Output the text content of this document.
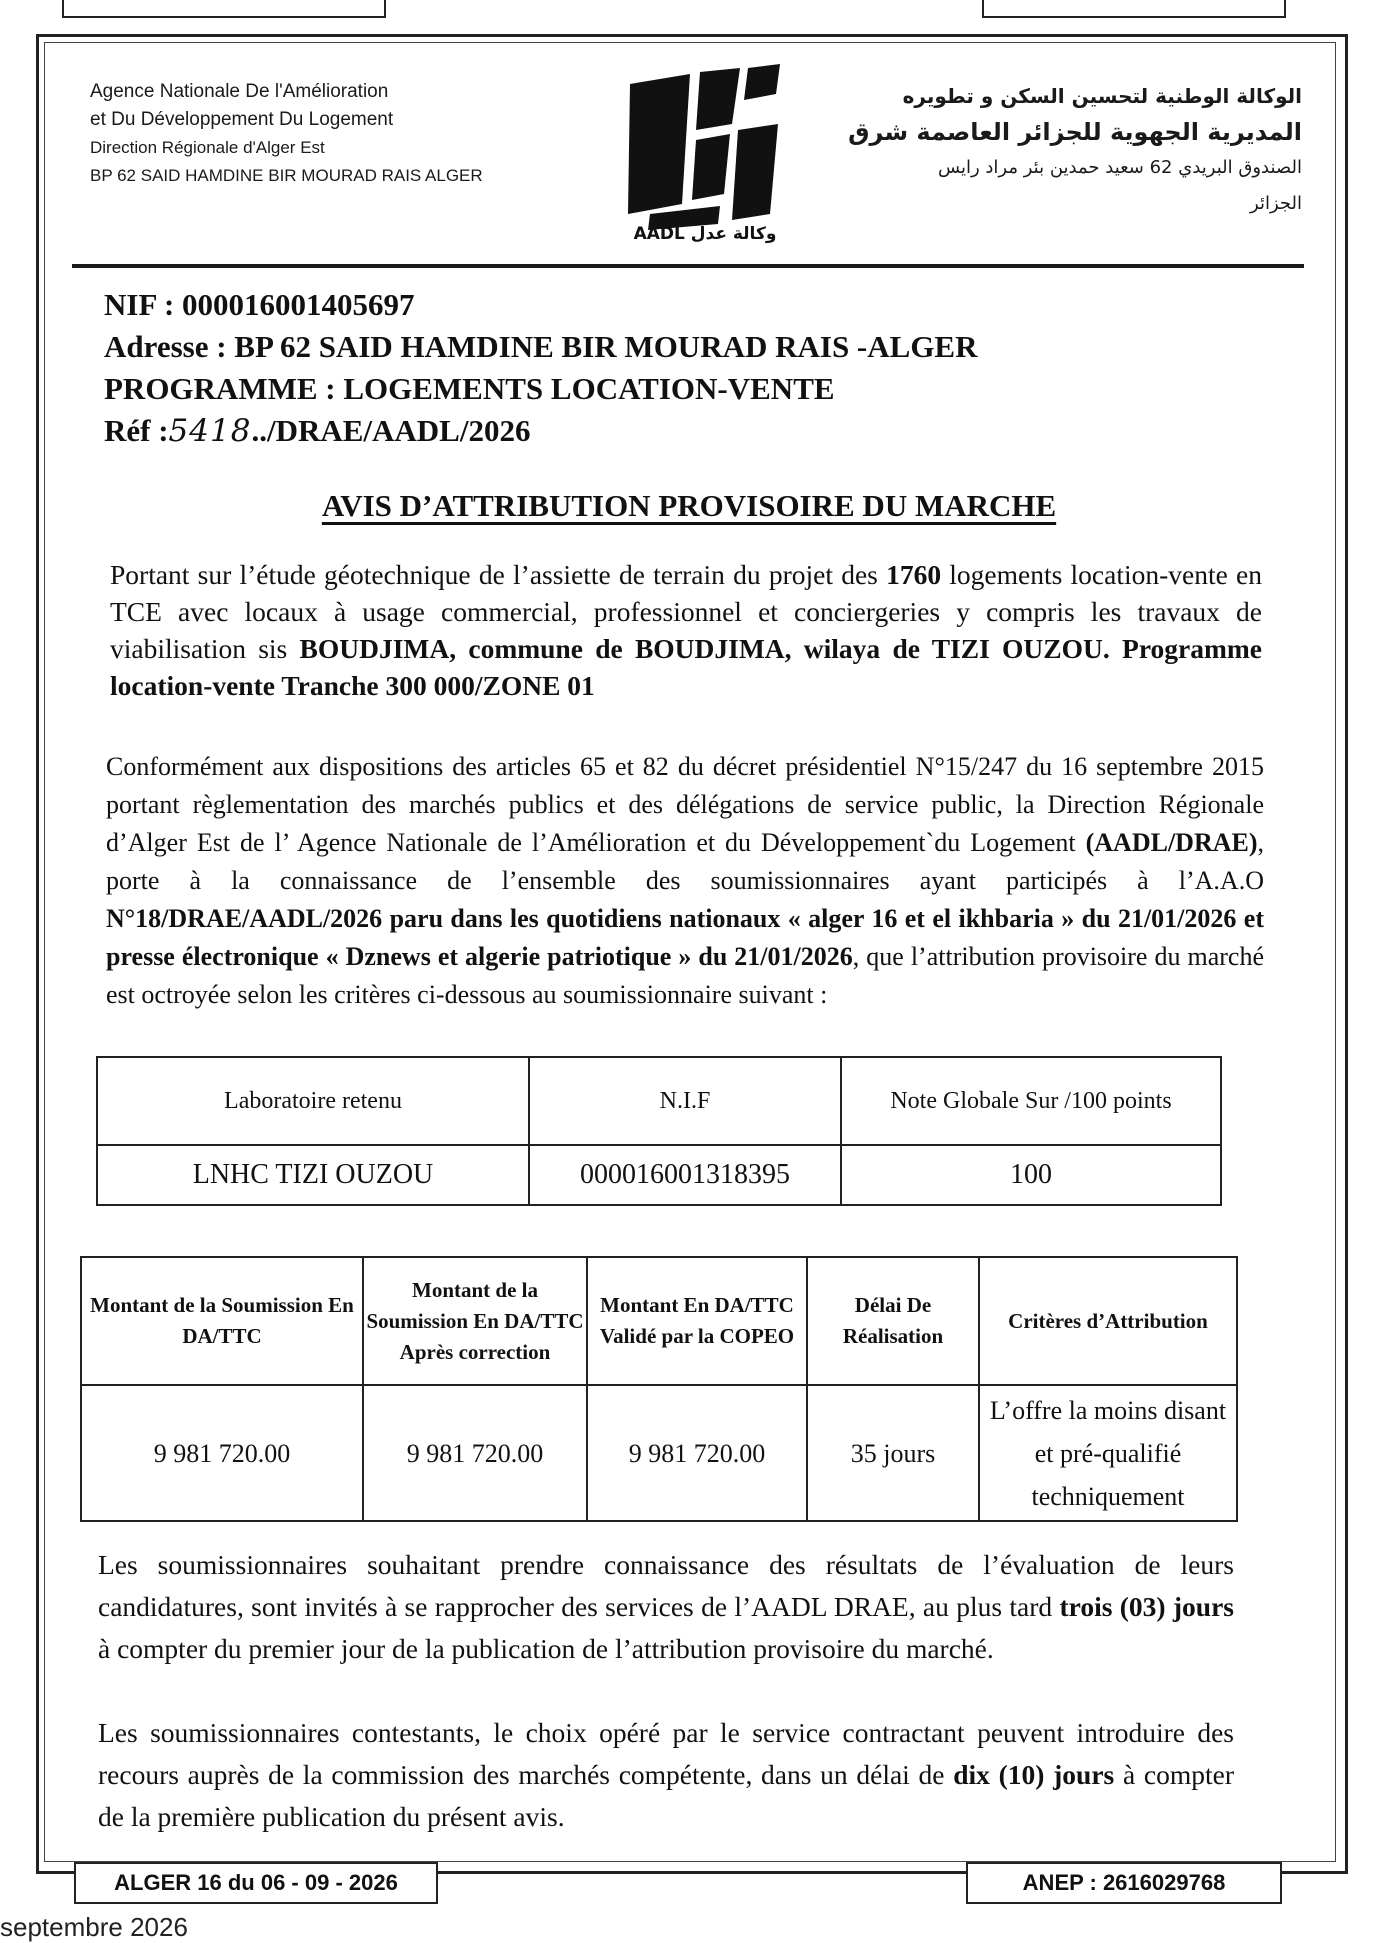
Agence Nationale De l'Amélioration
et Du Développement Du Logement
Direction Régionale d'Alger Est
BP 62 SAID HAMDINE BIR MOURAD RAIS ALGER
AADL وكالة عدل
الوكالة الوطنية لتحسين السكن و تطويره
المديرية الجهوية للجزائر العاصمة شرق
الصندوق البريدي 62 سعيد حمدين بئر مراد رايس
الجزائر
NIF : 000016001405697
Adresse : BP 62 SAID HAMDINE BIR MOURAD RAIS -ALGER
PROGRAMME : LOGEMENTS LOCATION-VENTE
Réf :5418../DRAE/AADL/2026
AVIS D’ATTRIBUTION PROVISOIRE DU MARCHE
Portant sur l’étude géotechnique de l’assiette de terrain du projet des 1760 logements location-vente en TCE avec locaux à usage commercial, professionnel et conciergeries y compris les travaux de viabilisation sis BOUDJIMA, commune de BOUDJIMA, wilaya de TIZI OUZOU. Programme location-vente Tranche 300 000/ZONE 01
Conformément aux dispositions des articles 65 et 82 du décret présidentiel N°15/247 du 16 septembre 2015 portant règlementation des marchés publics et des délégations de service public, la Direction Régionale d’Alger Est de l’ Agence Nationale de l’Amélioration et du Développement`du Logement (AADL/DRAE), porte à la connaissance de l’ensemble des soumissionnaires ayant participés à l’A.A.O N°18/DRAE/AADL/2026 paru dans les quotidiens nationaux « alger 16 et el ikhbaria » du 21/01/2026 et presse électronique « Dznews et algerie patriotique » du 21/01/2026, que l’attribution provisoire du marché est octroyée selon les critères ci-dessous au soumissionnaire suivant :
Laboratoire retenu	N.I.F	Note Globale Sur /100 points
LNHC TIZI OUZOU	000016001318395	100
Montant de la Soumission En DA/TTC	Montant de la Soumission En DA/TTC Après correction	Montant En DA/TTC Validé par la COPEO	Délai De Réalisation	Critères d’Attribution
9 981 720.00	9 981 720.00	9 981 720.00	35 jours	L’offre la moins disant et pré-qualifié techniquement
Les soumissionnaires souhaitant prendre connaissance des résultats de l’évaluation de leurs candidatures, sont invités à se rapprocher des services de l’AADL DRAE, au plus tard trois (03) jours à compter du premier jour de la publication de l’attribution provisoire du marché.
Les soumissionnaires contestants, le choix opéré par le service contractant peuvent introduire des recours auprès de la commission des marchés compétente, dans un délai de dix (10) jours à compter de la première publication du présent avis.
ALGER 16 du 06 - 09 - 2026	ANEP : 2616029768
septembre 2026
